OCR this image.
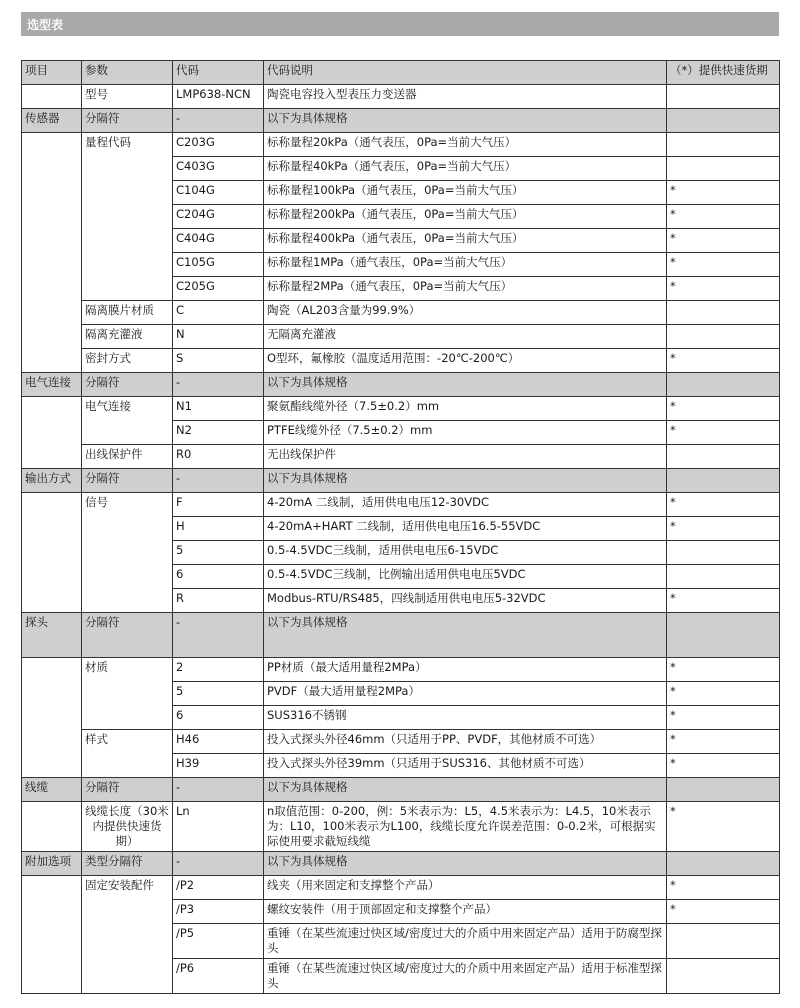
选型表
项目	参数	代码	代码说明	（*）提供快速货期
	型号	LMP638-NCN	陶瓷电容投入型表压力变送器	
传感器	分隔符	-	以下为具体规格	
	量程代码	C203G	标称量程20kPa（通气表压，0Pa=当前大气压）	
		C403G	标称量程40kPa（通气表压，0Pa=当前大气压）	
		C104G	标称量程100kPa（通气表压，0Pa=当前大气压）	*
		C204G	标称量程200kPa（通气表压，0Pa=当前大气压）	*
		C404G	标称量程400kPa（通气表压，0Pa=当前大气压）	*
		C105G	标称量程1MPa（通气表压，0Pa=当前大气压）	*
		C205G	标称量程2MPa（通气表压，0Pa=当前大气压）	*
	隔离膜片材质	C	陶瓷（AL203含量为99.9%）	
	隔离充灌液	N	无隔离充灌液	
	密封方式	S	O型环，氟橡胶（温度适用范围：-20℃-200℃）	*
电气连接	分隔符	-	以下为具体规格	
	电气连接	N1	聚氨酯线缆外径（7.5±0.2）mm	*
		N2	PTFE线缆外径（7.5±0.2）mm	*
	出线保护件	R0	无出线保护件	
输出方式	分隔符	-	以下为具体规格	
	信号	F	4-20mA 二线制，适用供电电压12-30VDC	*
		H	4-20mA+HART 二线制，适用供电电压16.5-55VDC	*
		5	0.5-4.5VDC三线制，适用供电电压6-15VDC	
		6	0.5-4.5VDC三线制，比例输出适用供电电压5VDC	
		R	Modbus-RTU/RS485，四线制适用供电电压5-32VDC	*
探头	分隔符	-	以下为具体规格	
	材质	2	PP材质（最大适用量程2MPa）	*
		5	PVDF（最大适用量程2MPa）	*
		6	SUS316不锈钢	*
	样式	H46	投入式探头外径46mm（只适用于PP、PVDF，其他材质不可选）	*
		H39	投入式探头外径39mm（只适用于SUS316、其他材质不可选）	*
线缆	分隔符	-	以下为具体规格	
	线缆长度（30米内提供快速货期）	Ln	n取值范围：0-200，例：5米表示为：L5，4.5米表示为：L4.5，10米表示为：L10，100米表示为L100，线缆长度允许误差范围：0-0.2米，可根据实际使用要求截短线缆	*
附加选项	类型分隔符	-	以下为具体规格	
	固定安装配件	/P2	线夹（用来固定和支撑整个产品）	*
		/P3	螺纹安装件（用于顶部固定和支撑整个产品）	*
		/P5	重锤（在某些流速过快区域/密度过大的介质中用来固定产品）适用于防腐型探头	
		/P6	重锤（在某些流速过快区域/密度过大的介质中用来固定产品）适用于标准型探头	
